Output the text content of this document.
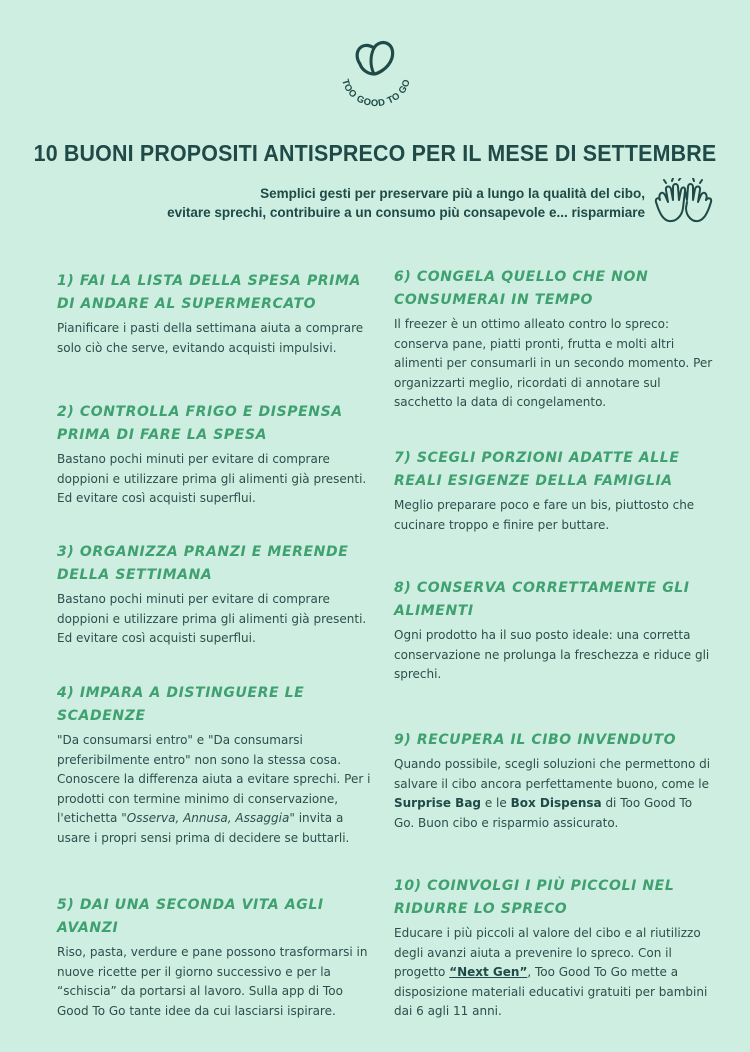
TOO GOOD TO GO
10 BUONI PROPOSITI ANTISPRECO PER IL MESE DI SETTEMBRE
Semplici gesti per preservare più a lungo la qualità del cibo,
evitare sprechi, contribuire a un consumo più consapevole e... risparmiare
1) FAI LA LISTA DELLA SPESA PRIMA DI ANDARE AL SUPERMERCATO
Pianificare i pasti della settimana aiuta a comprare solo ciò che serve, evitando acquisti impulsivi.
2) CONTROLLA FRIGO E DISPENSA PRIMA DI FARE LA SPESA
Bastano pochi minuti per evitare di comprare doppioni e utilizzare prima gli alimenti già presenti. Ed evitare così acquisti superflui.
3) ORGANIZZA PRANZI E MERENDE DELLA SETTIMANA
Bastano pochi minuti per evitare di comprare doppioni e utilizzare prima gli alimenti già presenti. Ed evitare così acquisti superflui.
4) IMPARA A DISTINGUERE LE SCADENZE
"Da consumarsi entro" e "Da consumarsi preferibilmente entro" non sono la stessa cosa. Conoscere la differenza aiuta a evitare sprechi. Per i prodotti con termine minimo di conservazione, l'etichetta "Osserva, Annusa, Assaggia" invita a usare i propri sensi prima di decidere se buttarli.
5) DAI UNA SECONDA VITA AGLI AVANZI
Riso, pasta, verdure e pane possono trasformarsi in nuove ricette per il giorno successivo e per la “schiscia” da portarsi al lavoro. Sulla app di Too Good To Go tante idee da cui lasciarsi ispirare.
6) CONGELA QUELLO CHE NON CONSUMERAI IN TEMPO
Il freezer è un ottimo alleato contro lo spreco: conserva pane, piatti pronti, frutta e molti altri alimenti per consumarli in un secondo momento. Per organizzarti meglio, ricordati di annotare sul sacchetto la data di congelamento.
7) SCEGLI PORZIONI ADATTE ALLE REALI ESIGENZE DELLA FAMIGLIA
Meglio preparare poco e fare un bis, piuttosto che cucinare troppo e finire per buttare.
8) CONSERVA CORRETTAMENTE GLI ALIMENTI
Ogni prodotto ha il suo posto ideale: una corretta conservazione ne prolunga la freschezza e riduce gli sprechi.
9) RECUPERA IL CIBO INVENDUTO
Quando possibile, scegli soluzioni che permettono di salvare il cibo ancora perfettamente buono, come le Surprise Bag e le Box Dispensa di Too Good To Go. Buon cibo e risparmio assicurato.
10) COINVOLGI I PIÙ PICCOLI NEL RIDURRE LO SPRECO
Educare i più piccoli al valore del cibo e al riutilizzo degli avanzi aiuta a prevenire lo spreco. Con il progetto “Next Gen”, Too Good To Go mette a disposizione materiali educativi gratuiti per bambini dai 6 agli 11 anni.
